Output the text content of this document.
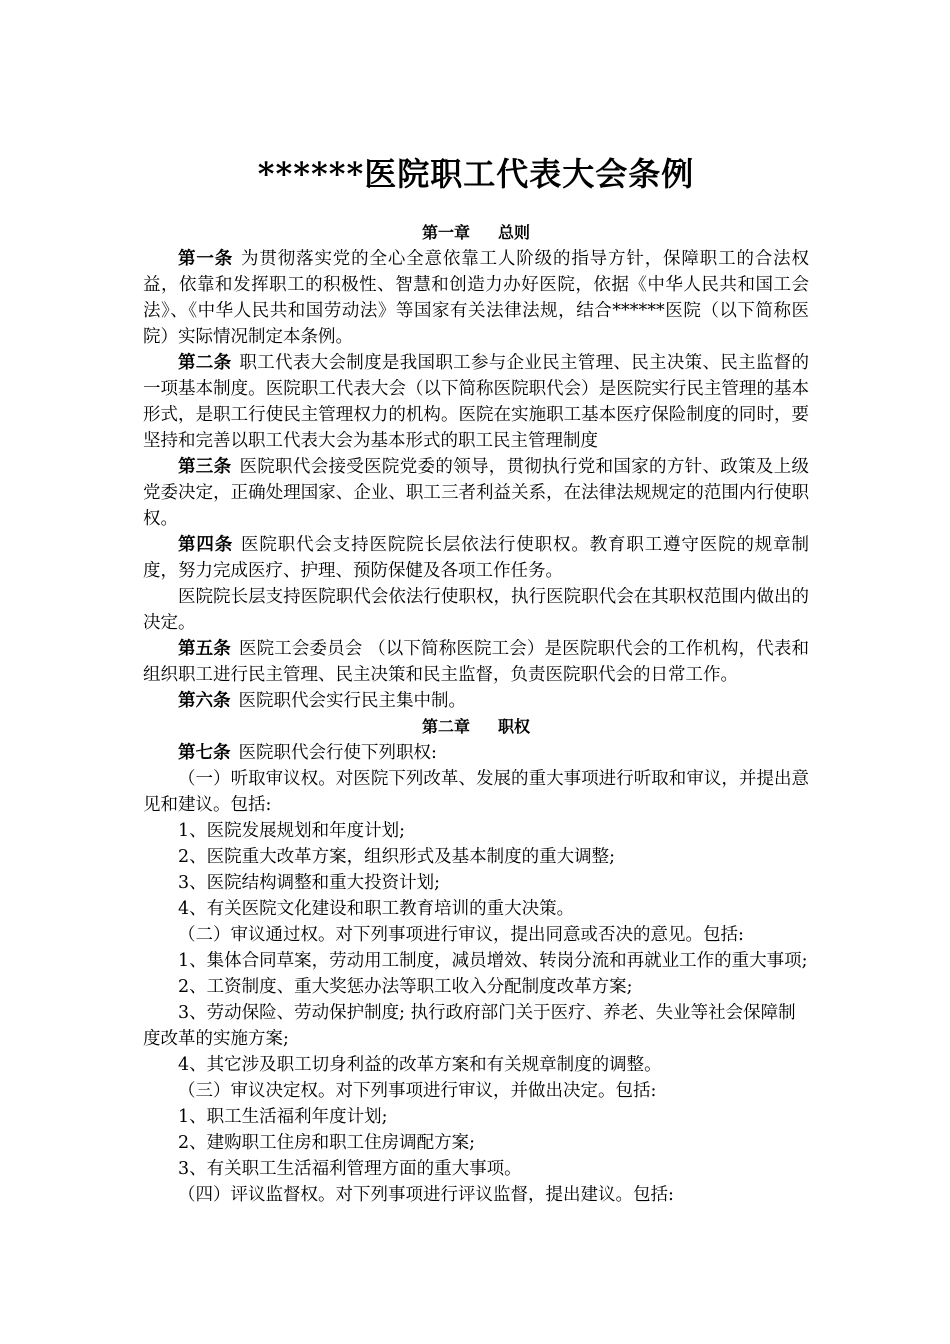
******医院职工代表大会条例
第一章 总则

第一条 为贯彻落实党的全心全意依靠工人阶级的指导方针，保障职工的合法权益，依靠和发挥职工的积极性、智慧和创造力办好医院，依据《中华人民共和国工会法》、《中华人民共和国劳动法》等国家有关法律法规，结合******医院（以下简称医院）实际情况制定本条例。

第二条 职工代表大会制度是我国职工参与企业民主管理、民主决策、民主监督的一项基本制度。医院职工代表大会（以下简称医院职代会）是医院实行民主管理的基本形式，是职工行使民主管理权力的机构。医院在实施职工基本医疗保险制度的同时，要坚持和完善以职工代表大会为基本形式的职工民主管理制度

第三条 医院职代会接受医院党委的领导，贯彻执行党和国家的方针、政策及上级党委决定，正确处理国家、企业、职工三者利益关系，在法律法规规定的范围内行使职权。

第四条 医院职代会支持医院院长层依法行使职权。教育职工遵守医院的规章制度，努力完成医疗、护理、预防保健及各项工作任务。

医院院长层支持医院职代会依法行使职权，执行医院职代会在其职权范围内做出的决定。

第五条 医院工会委员会 （以下简称医院工会）是医院职代会的工作机构，代表和组织职工进行民主管理、民主决策和民主监督，负责医院职代会的日常工作。

第六条 医院职代会实行民主集中制。

第二章 职权

第七条 医院职代会行使下列职权:

（一）听取审议权。对医院下列改革、发展的重大事项进行听取和审议，并提出意见和建议。包括:

1、医院发展规划和年度计划;

2、医院重大改革方案，组织形式及基本制度的重大调整;

3、医院结构调整和重大投资计划;

4、有关医院文化建设和职工教育培训的重大决策。

（二）审议通过权。对下列事项进行审议，提出同意或否决的意见。包括:

1、集体合同草案，劳动用工制度，减员增效、转岗分流和再就业工作的重大事项;

2、工资制度、重大奖惩办法等职工收入分配制度改革方案;

3、劳动保险、劳动保护制度; 执行政府部门关于医疗、养老、失业等社会保障制度改革的实施方案;

4、其它涉及职工切身利益的改革方案和有关规章制度的调整。

（三）审议决定权。对下列事项进行审议，并做出决定。包括:

1、职工生活福利年度计划;

2、建购职工住房和职工住房调配方案;

3、有关职工生活福利管理方面的重大事项。

（四）评议监督权。对下列事项进行评议监督，提出建议。包括:
